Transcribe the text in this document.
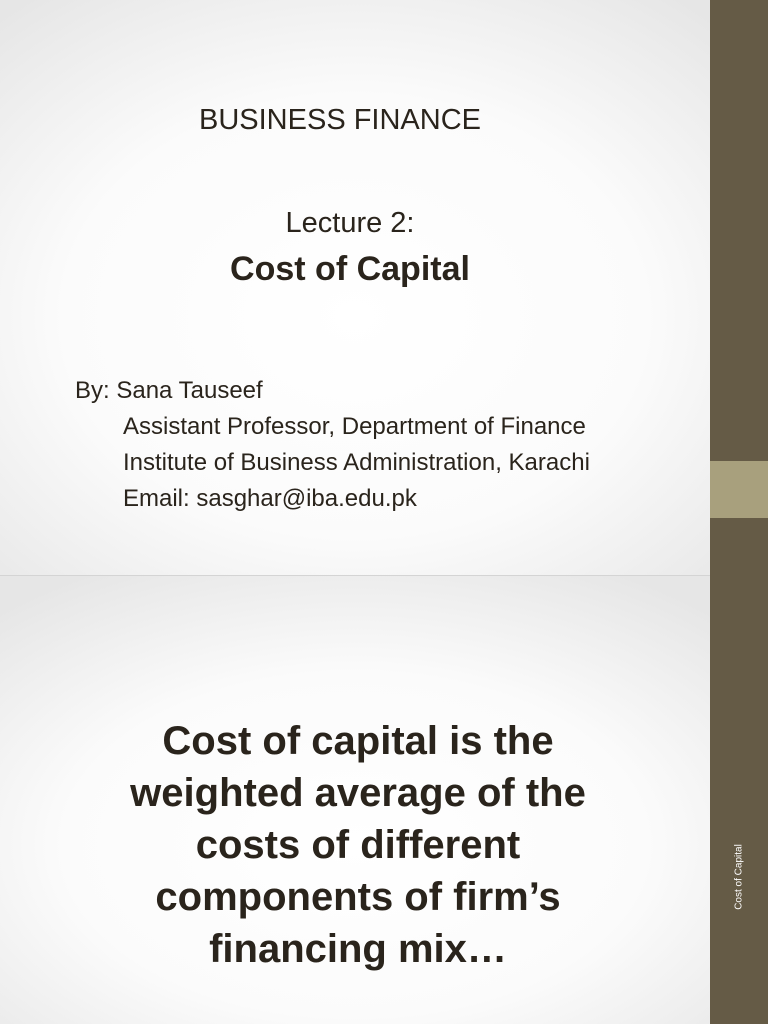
BUSINESS FINANCE
Lecture 2:
Cost of Capital
By: Sana Tauseef
Assistant Professor, Department of Finance
Institute of Business Administration, Karachi
Email: sasghar@iba.edu.pk
Cost of capital is the
weighted average of the
costs of different
components of firm’s
financing mix…
Cost of Capital
